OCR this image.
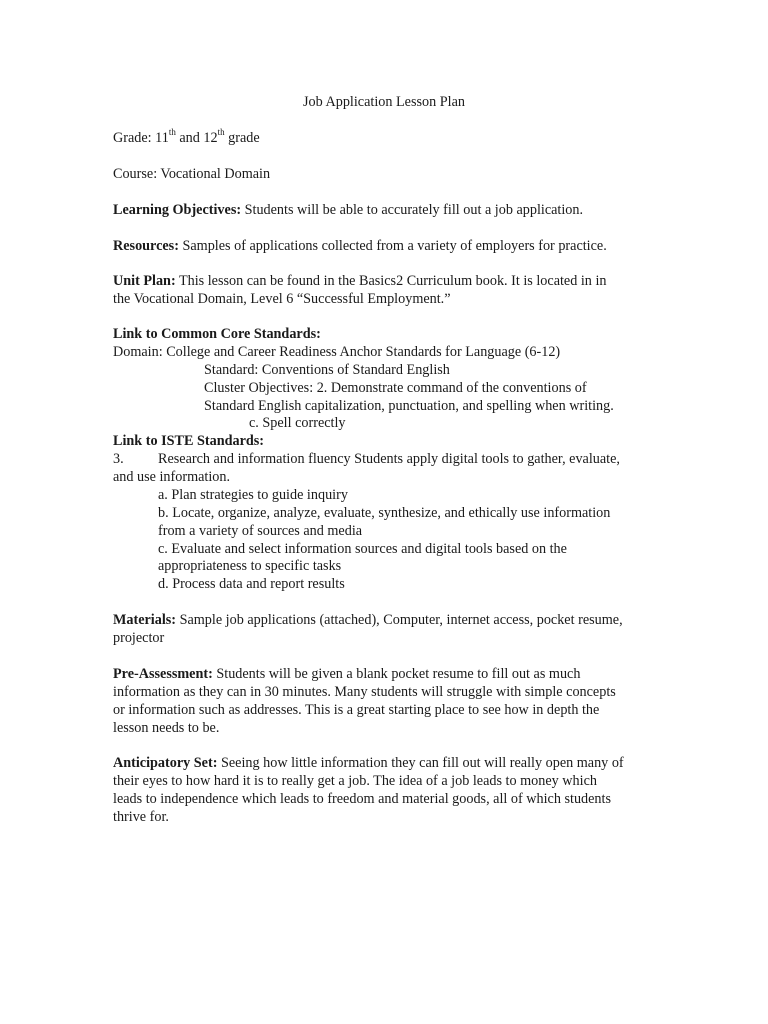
Job Application Lesson Plan
Grade: 11th and 12th grade
Course: Vocational Domain
Learning Objectives: Students will be able to accurately fill out a job application.
Resources: Samples of applications collected from a variety of employers for practice.
Unit Plan: This lesson can be found in the Basics2 Curriculum book. It is located in in
the Vocational Domain, Level 6 “Successful Employment.”
Link to Common Core Standards:
Domain: College and Career Readiness Anchor Standards for Language (6-12)
Standard: Conventions of Standard English
Cluster Objectives: 2. Demonstrate command of the conventions of
Standard English capitalization, punctuation, and spelling when writing.
c. Spell correctly
Link to ISTE Standards:
3. Research and information fluency Students apply digital tools to gather, evaluate,
and use information.
a. Plan strategies to guide inquiry
b. Locate, organize, analyze, evaluate, synthesize, and ethically use information
from a variety of sources and media
c. Evaluate and select information sources and digital tools based on the
appropriateness to specific tasks
d. Process data and report results
Materials: Sample job applications (attached), Computer, internet access, pocket resume,
projector
Pre-Assessment: Students will be given a blank pocket resume to fill out as much
information as they can in 30 minutes. Many students will struggle with simple concepts
or information such as addresses. This is a great starting place to see how in depth the
lesson needs to be.
Anticipatory Set: Seeing how little information they can fill out will really open many of
their eyes to how hard it is to really get a job. The idea of a job leads to money which
leads to independence which leads to freedom and material goods, all of which students
thrive for.
